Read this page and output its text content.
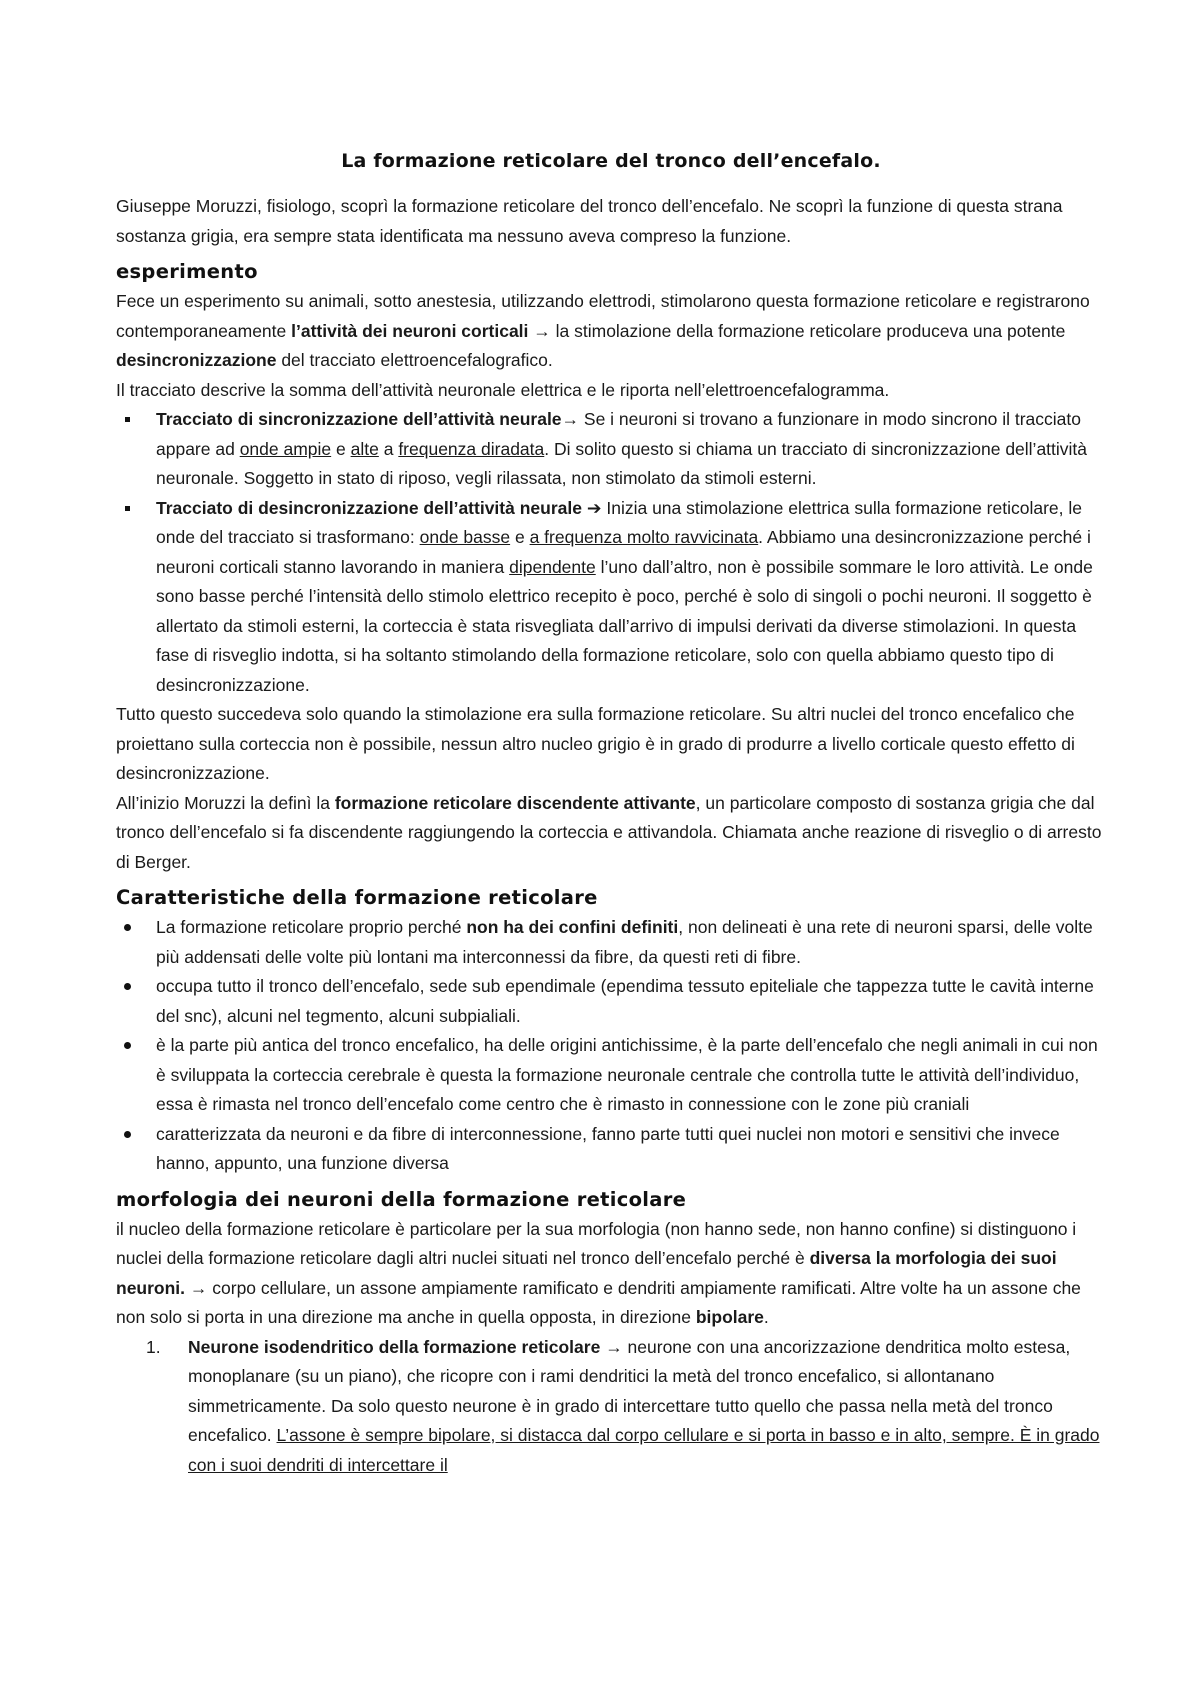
La formazione reticolare del tronco dell’encefalo.

Giuseppe Moruzzi, fisiologo, scoprì la formazione reticolare del tronco dell’encefalo. Ne scoprì la funzione di questa strana sostanza grigia, era sempre stata identificata ma nessuno aveva compreso la funzione.

esperimento

Fece un esperimento su animali, sotto anestesia, utilizzando elettrodi, stimolarono questa formazione reticolare e registrarono contemporaneamente l’attività dei neuroni corticali → la stimolazione della formazione reticolare produceva una potente desincronizzazione del tracciato elettroencefalografico.

Il tracciato descrive la somma dell’attività neuronale elettrica e le riporta nell’elettroencefalogramma.

Tracciato di sincronizzazione dell’attività neurale→ Se i neuroni si trovano a funzionare in modo sincrono il tracciato appare ad onde ampie e alte a frequenza diradata. Di solito questo si chiama un tracciato di sincronizzazione dell’attività neuronale. Soggetto in stato di riposo, vegli rilassata, non stimolato da stimoli esterni.
Tracciato di desincronizzazione dell’attività neurale ➔ Inizia una stimolazione elettrica sulla formazione reticolare, le onde del tracciato si trasformano: onde basse e a frequenza molto ravvicinata. Abbiamo una desincronizzazione perché i neuroni corticali stanno lavorando in maniera dipendente l’uno dall’altro, non è possibile sommare le loro attività. Le onde sono basse perché l’intensità dello stimolo elettrico recepito è poco, perché è solo di singoli o pochi neuroni. Il soggetto è allertato da stimoli esterni, la corteccia è stata risvegliata dall’arrivo di impulsi derivati da diverse stimolazioni. In questa fase di risveglio indotta, si ha soltanto stimolando della formazione reticolare, solo con quella abbiamo questo tipo di desincronizzazione.

Tutto questo succedeva solo quando la stimolazione era sulla formazione reticolare. Su altri nuclei del tronco encefalico che proiettano sulla corteccia non è possibile, nessun altro nucleo grigio è in grado di produrre a livello corticale questo effetto di desincronizzazione.

All’inizio Moruzzi la definì la formazione reticolare discendente attivante, un particolare composto di sostanza grigia che dal tronco dell’encefalo si fa discendente raggiungendo la corteccia e attivandola. Chiamata anche reazione di risveglio o di arresto di Berger.

Caratteristiche della formazione reticolare
La formazione reticolare proprio perché non ha dei confini definiti, non delineati è una rete di neuroni sparsi, delle volte più addensati delle volte più lontani ma interconnessi da fibre, da questi reti di fibre.
occupa tutto il tronco dell’encefalo, sede sub ependimale (ependima tessuto epiteliale che tappezza tutte le cavità interne del snc), alcuni nel tegmento, alcuni subpialiali.
è la parte più antica del tronco encefalico, ha delle origini antichissime, è la parte dell’encefalo che negli animali in cui non è sviluppata la corteccia cerebrale è questa la formazione neuronale centrale che controlla tutte le attività dell’individuo, essa è rimasta nel tronco dell’encefalo come centro che è rimasto in connessione con le zone più craniali
caratterizzata da neuroni e da fibre di interconnessione, fanno parte tutti quei nuclei non motori e sensitivi che invece hanno, appunto, una funzione diversa
morfologia dei neuroni della formazione reticolare

il nucleo della formazione reticolare è particolare per la sua morfologia (non hanno sede, non hanno confine) si distinguono i nuclei della formazione reticolare dagli altri nuclei situati nel tronco dell’encefalo perché è diversa la morfologia dei suoi neuroni. → corpo cellulare, un assone ampiamente ramificato e dendriti ampiamente ramificati. Altre volte ha un assone che non solo si porta in una direzione ma anche in quella opposta, in direzione bipolare.

1. Neurone isodendritico della formazione reticolare → neurone con una ancorizzazione dendritica molto estesa, monoplanare (su un piano), che ricopre con i rami dendritici la metà del tronco encefalico, si allontanano simmetricamente. Da solo questo neurone è in grado di intercettare tutto quello che passa nella metà del tronco encefalico. L’assone è sempre bipolare, si distacca dal corpo cellulare e si porta in basso e in alto, sempre. È in grado con i suoi dendriti di intercettare il
